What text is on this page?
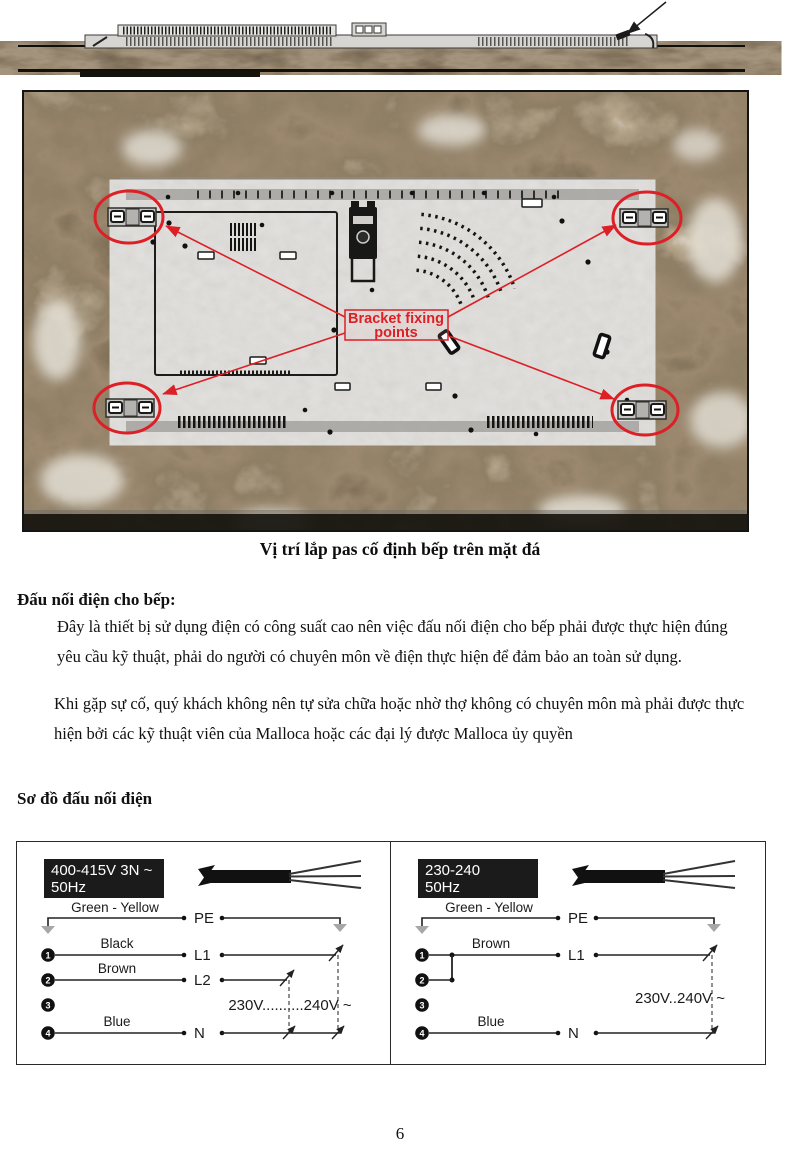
Bracket fixing
points
Vị trí lắp pas cố định bếp trên mặt đá
Đấu nối điện cho bếp:
Đây là thiết bị sử dụng điện có công suất cao nên việc đấu nối điện cho bếp phải được thực hiện đúng yêu cầu kỹ thuật, phải do người có chuyên môn về điện thực hiện để đảm bảo an toàn sử dụng.
Khi gặp sự cố, quý khách không nên tự sửa chữa hoặc nhờ thợ không có chuyên môn mà phải được thực hiện bởi các kỹ thuật viên của Malloca hoặc các đại lý được Malloca ủy quyền
Sơ đồ đấu nối điện
400-415V 3N ~
50Hz
Green - Yellow
PE
1
Black
L1
2
Brown
L2
3
4
Blue
N
230V..........240V ~
230-240
50Hz
Green - Yellow
PE
1
Brown
L1
2
3
4
Blue
N
230V..240V ~
6
